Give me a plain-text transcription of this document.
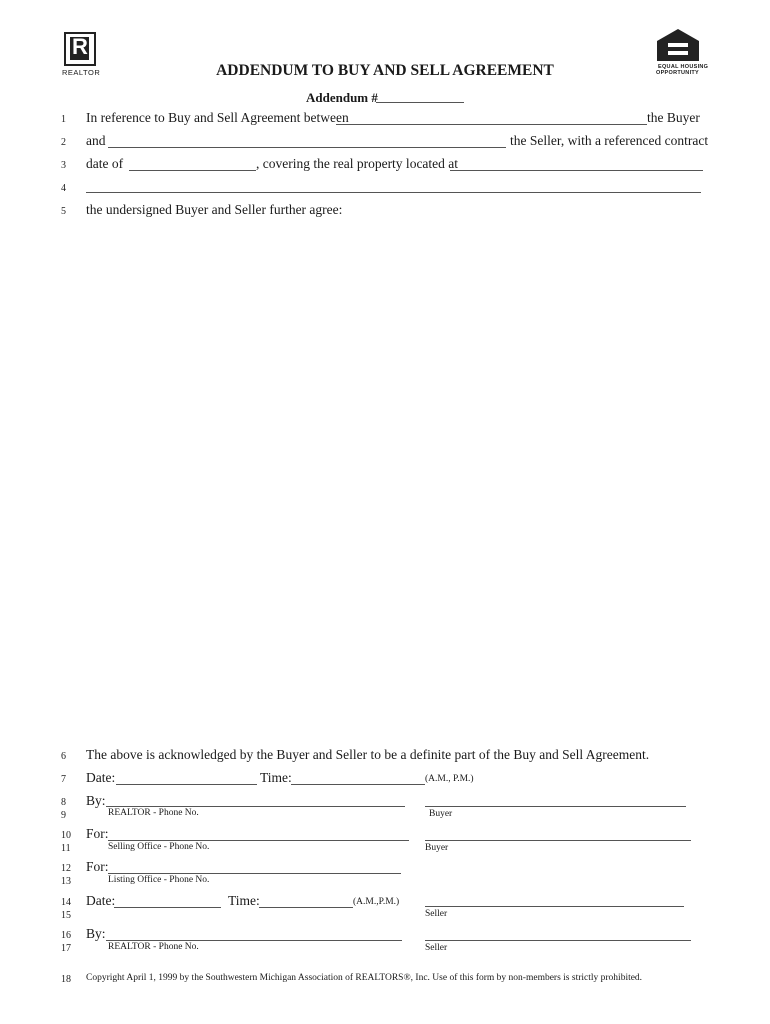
R
REALTOR
EQUAL HOUSING
OPPORTUNITY
ADDENDUM TO BUY AND SELL AGREEMENT
Addendum #
1 In reference to Buy and Sell Agreement between	the Buyer
2 and	the Seller, with a referenced contract
3 date of	, covering the real property located at
4
5 the undersigned Buyer and Seller further agree:
6 The above is acknowledged by the Buyer and Seller to be a definite part of the Buy and Sell Agreement.
7 Date:	Time:	(A.M., P.M.)
8 By:
9	REALTOR - Phone No.	Buyer
10 For:
11	Selling Office - Phone No.	Buyer
12 For:
13	Listing Office - Phone No.
14 Date:	Time:	(A.M.,P.M.)
15	Seller
16 By:
17	REALTOR - Phone No.	Seller
18 Copyright April 1, 1999 by the Southwestern Michigan Association of REALTORS®, Inc. Use of this form by non-members is strictly prohibited.
